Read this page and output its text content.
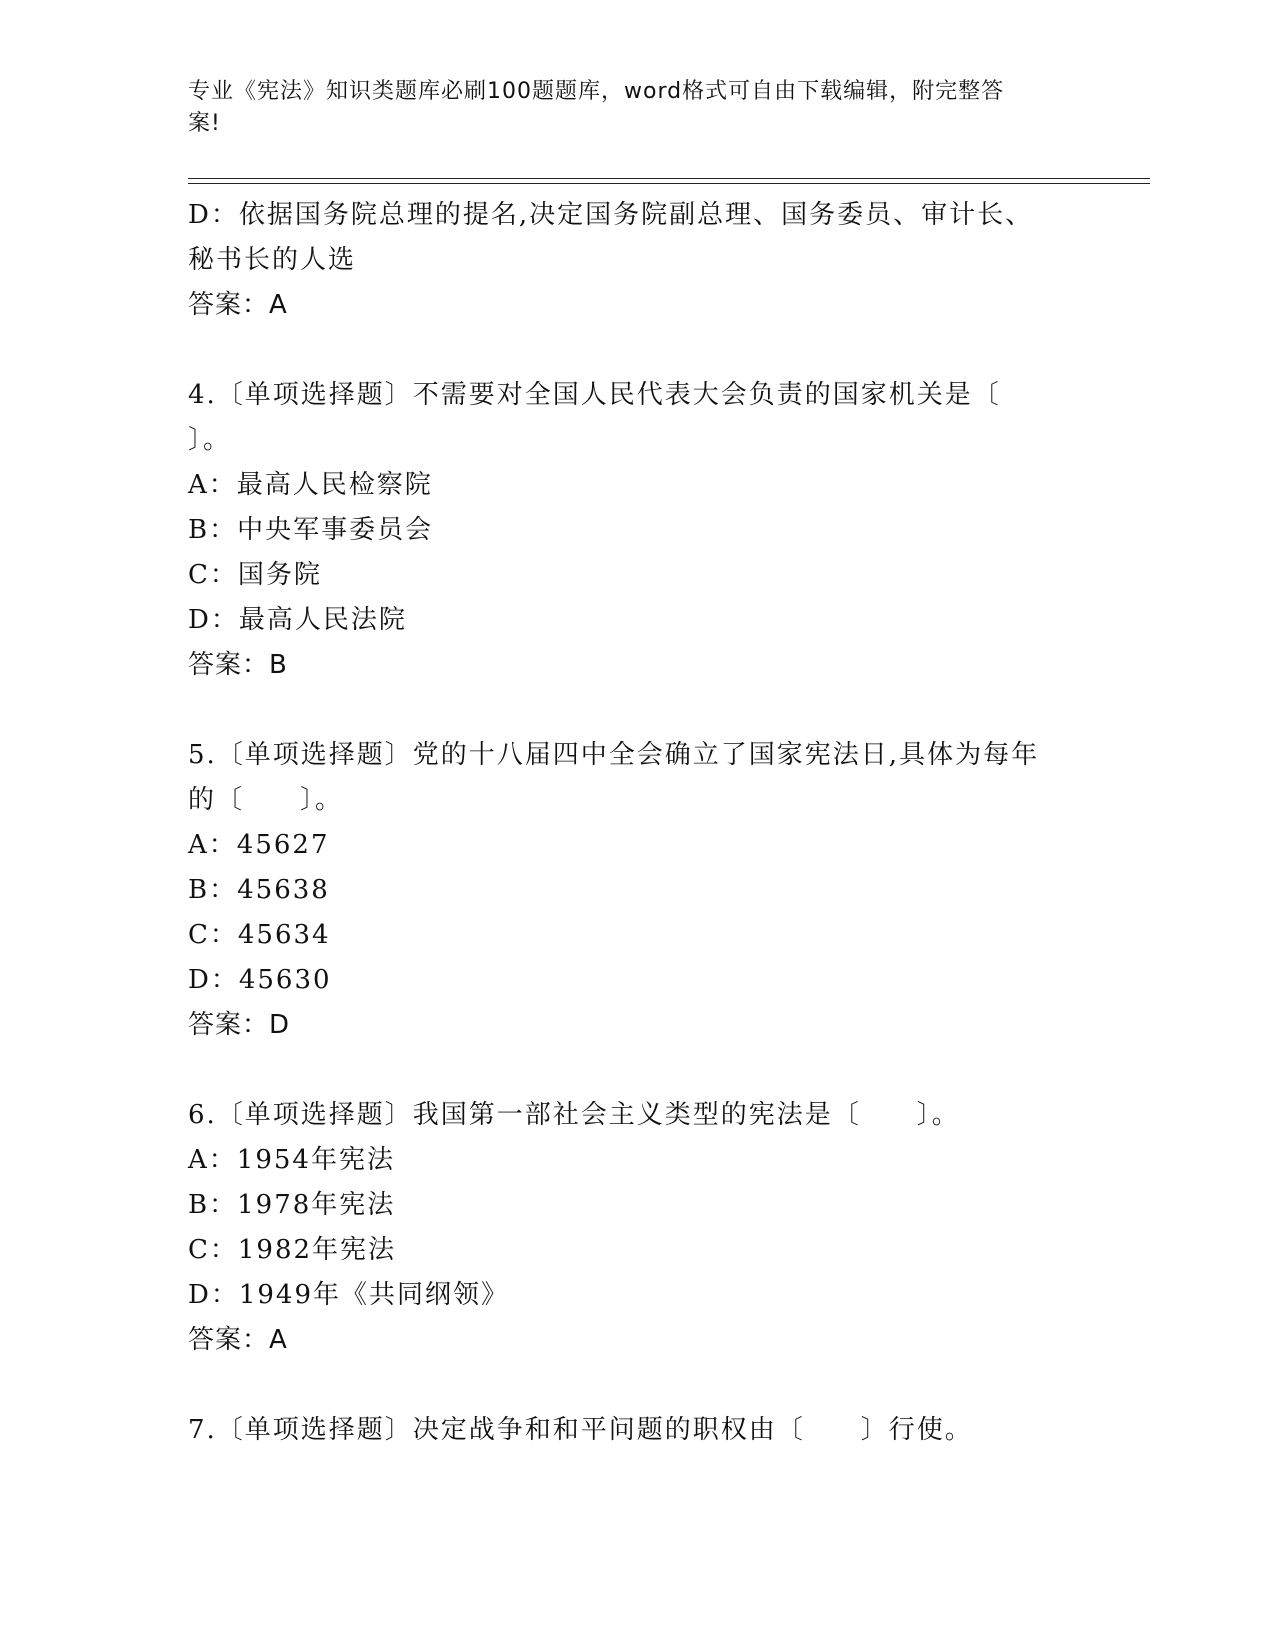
专业《宪法》知识类题库必刷100题题库，word格式可自由下载编辑，附完整答
案!
D：依据国务院总理的提名,决定国务院副总理、国务委员、审计长、
秘书长的人选
答案：A
4.〔单项选择题〕不需要对全国人民代表大会负责的国家机关是〔
〕。
A：最高人民检察院
B：中央军事委员会
C：国务院
D：最高人民法院
答案：B
5.〔单项选择题〕党的十八届四中全会确立了国家宪法日,具体为每年
的〔　　〕。
A：45627
B：45638
C：45634
D：45630
答案：D
6.〔单项选择题〕我国第一部社会主义类型的宪法是〔　　〕。
A：1954年宪法
B：1978年宪法
C：1982年宪法
D：1949年《共同纲领》
答案：A
7.〔单项选择题〕决定战争和和平问题的职权由〔　　〕行使。
